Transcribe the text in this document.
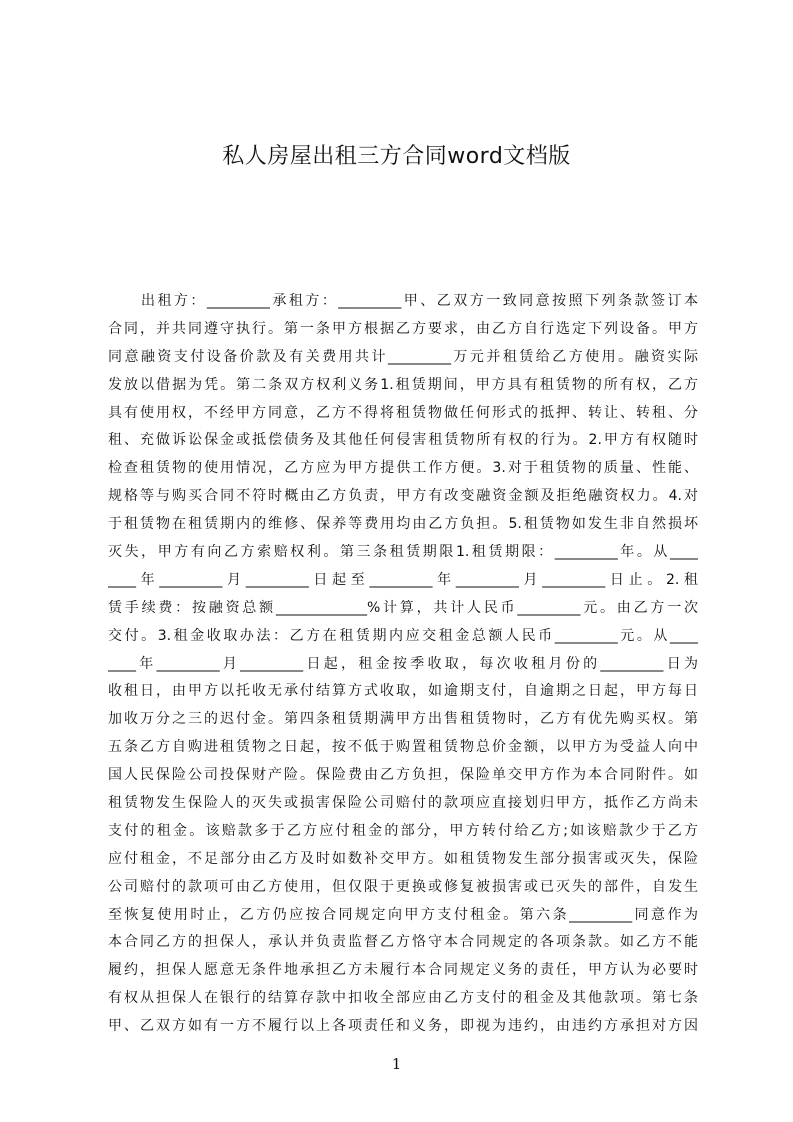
私人房屋出租三方合同word文档版
　　出租方：_________承租方：_________甲、乙双方一致同意按照下列条款签订本
合同，并共同遵守执行。第一条甲方根据乙方要求，由乙方自行选定下列设备。甲方
同意融资支付设备价款及有关费用共计_________万元并租赁给乙方使用。融资实际
发放以借据为凭。第二条双方权利义务1.租赁期间，甲方具有租赁物的所有权，乙方
具有使用权，不经甲方同意，乙方不得将租赁物做任何形式的抵押、转让、转租、分
租、充做诉讼保金或抵偿债务及其他任何侵害租赁物所有权的行为。2.甲方有权随时
检查租赁物的使用情况，乙方应为甲方提供工作方便。3.对于租赁物的质量、性能、
规格等与购买合同不符时概由乙方负责，甲方有改变融资金额及拒绝融资权力。4.对
于租赁物在租赁期内的维修、保养等费用均由乙方负担。5.租赁物如发生非自然损坏
灭失，甲方有向乙方索赔权利。第三条租赁期限1.租赁期限：_________年。从____
____年_________月_________日起至_________年_________月_________日止。2.租
赁手续费：按融资总额_____________%计算，共计人民币_________元。由乙方一次
交付。3.租金收取办法：乙方在租赁期内应交租金总额人民币_________元。从____
____年_________月_________日起，租金按季收取，每次收租月份的_________日为
收租日，由甲方以托收无承付结算方式收取，如逾期支付，自逾期之日起，甲方每日
加收万分之三的迟付金。第四条租赁期满甲方出售租赁物时，乙方有优先购买权。第
五条乙方自购进租赁物之日起，按不低于购置租赁物总价金额，以甲方为受益人向中
国人民保险公司投保财产险。保险费由乙方负担，保险单交甲方作为本合同附件。如
租赁物发生保险人的灭失或损害保险公司赔付的款项应直接划归甲方，抵作乙方尚未
支付的租金。该赔款多于乙方应付租金的部分，甲方转付给乙方;如该赔款少于乙方
应付租金，不足部分由乙方及时如数补交甲方。如租赁物发生部分损害或灭失，保险
公司赔付的款项可由乙方使用，但仅限于更换或修复被损害或已灭失的部件，自发生
至恢复使用时止，乙方仍应按合同规定向甲方支付租金。第六条_________同意作为
本合同乙方的担保人，承认并负责监督乙方恪守本合同规定的各项条款。如乙方不能
履约，担保人愿意无条件地承担乙方未履行本合同规定义务的责任，甲方认为必要时
有权从担保人在银行的结算存款中扣收全部应由乙方支付的租金及其他款项。第七条
甲、乙双方如有一方不履行以上各项责任和义务，即视为违约，由违约方承担对方因
1
